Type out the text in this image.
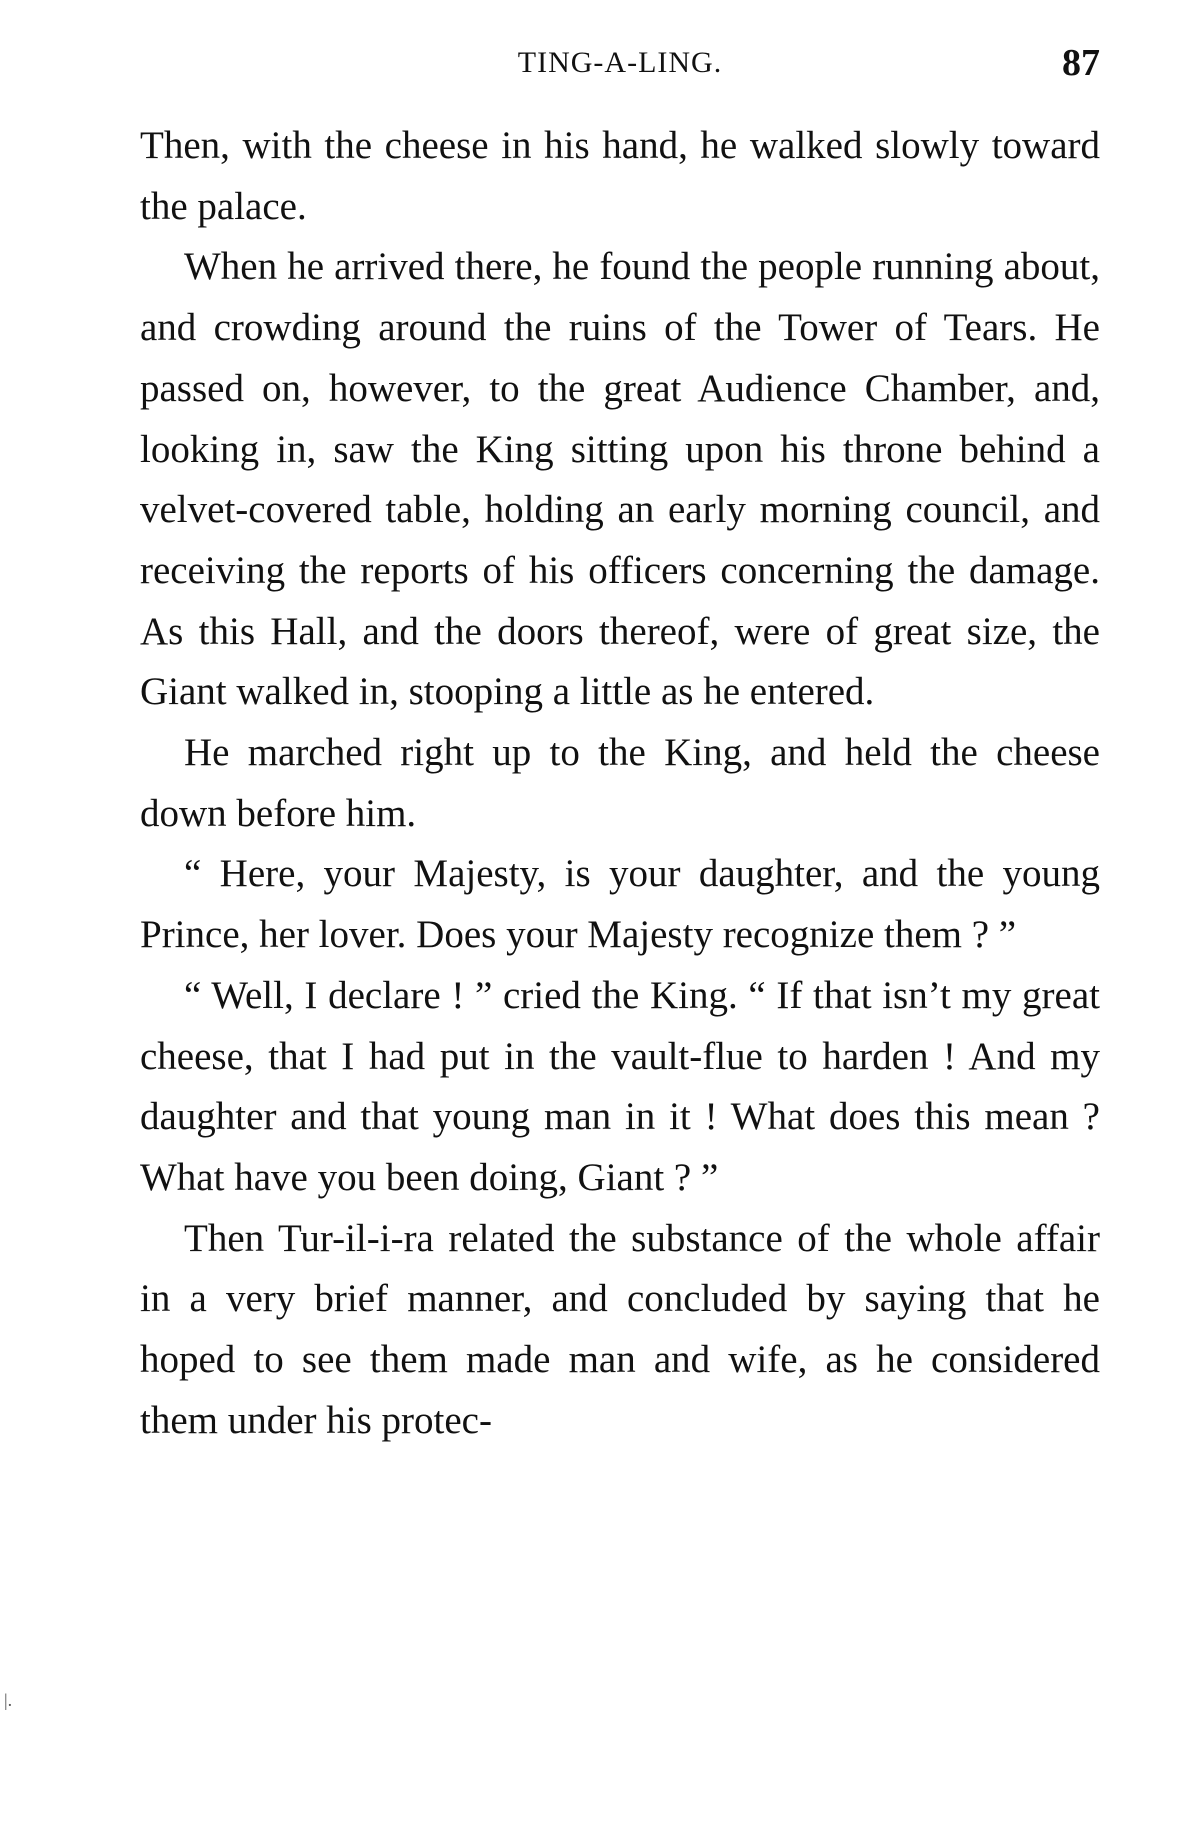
TING-A-LING.	87

Then, with the cheese in his hand, he walked slowly toward the palace.

When he arrived there, he found the people running about, and crowding around the ruins of the Tower of Tears. He passed on, however, to the great Audience Chamber, and, looking in, saw the King sitting upon his throne behind a velvet-covered table, holding an early morning council, and receiving the reports of his officers concerning the damage. As this Hall, and the doors thereof, were of great size, the Giant walked in, stooping a little as he entered.

He marched right up to the King, and held the cheese down before him.

“ Here, your Majesty, is your daughter, and the young Prince, her lover. Does your Majesty recognize them ? ”

“ Well, I declare ! ” cried the King. “ If that isn’t my great cheese, that I had put in the vault-flue to harden ! And my daughter and that young man in it ! What does this mean ? What have you been doing, Giant ? ”

Then Tur-il-i-ra related the substance of the whole affair in a very brief manner, and concluded by saying that he hoped to see them made man and wife, as he considered them under his protec-

|.
